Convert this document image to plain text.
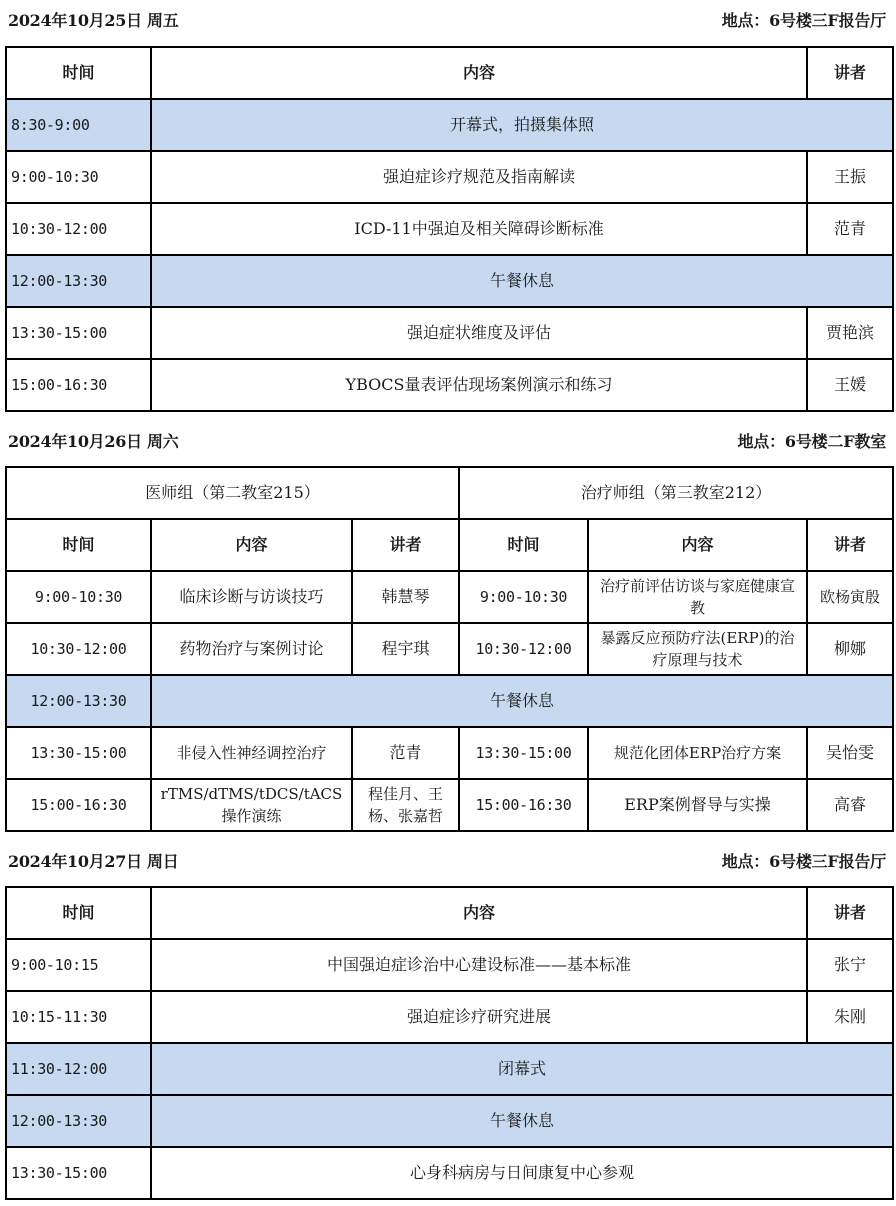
2024年10月25日 周五	地点：6号楼三F报告厅
时间	内容	讲者
8:30-9:00	开幕式，拍摄集体照	
9:00-10:30	强迫症诊疗规范及指南解读	王振
10:30-12:00	ICD-11中强迫及相关障碍诊断标准	范青
12:00-13:30	午餐休息	
13:30-15:00	强迫症状维度及评估	贾艳滨
15:00-16:30	YBOCS量表评估现场案例演示和练习	王媛
2024年10月26日 周六	地点：6号楼二F教室
医师组（第二教室215）			治疗师组（第三教室212）		
时间	内容	讲者	时间	内容	讲者
9:00-10:30	临床诊断与访谈技巧	韩慧琴	9:00-10:30	治疗前评估访谈与家庭健康宣教	欧杨寅殷
10:30-12:00	药物治疗与案例讨论	程宇琪	10:30-12:00	暴露反应预防疗法(ERP)的治疗原理与技术	柳娜
12:00-13:30	午餐休息				
13:30-15:00	非侵入性神经调控治疗	范青	13:30-15:00	规范化团体ERP治疗方案	吴怡雯
15:00-16:30	rTMS/dTMS/tDCS/tACS操作演练	程佳月、王杨、张嘉哲	15:00-16:30	ERP案例督导与实操	高睿
2024年10月27日 周日	地点：6号楼三F报告厅
时间	内容	讲者
9:00-10:15	中国强迫症诊治中心建设标准——基本标准	张宁
10:15-11:30	强迫症诊疗研究进展	朱刚
11:30-12:00	闭幕式	
12:00-13:30	午餐休息	
13:30-15:00	心身科病房与日间康复中心参观	
